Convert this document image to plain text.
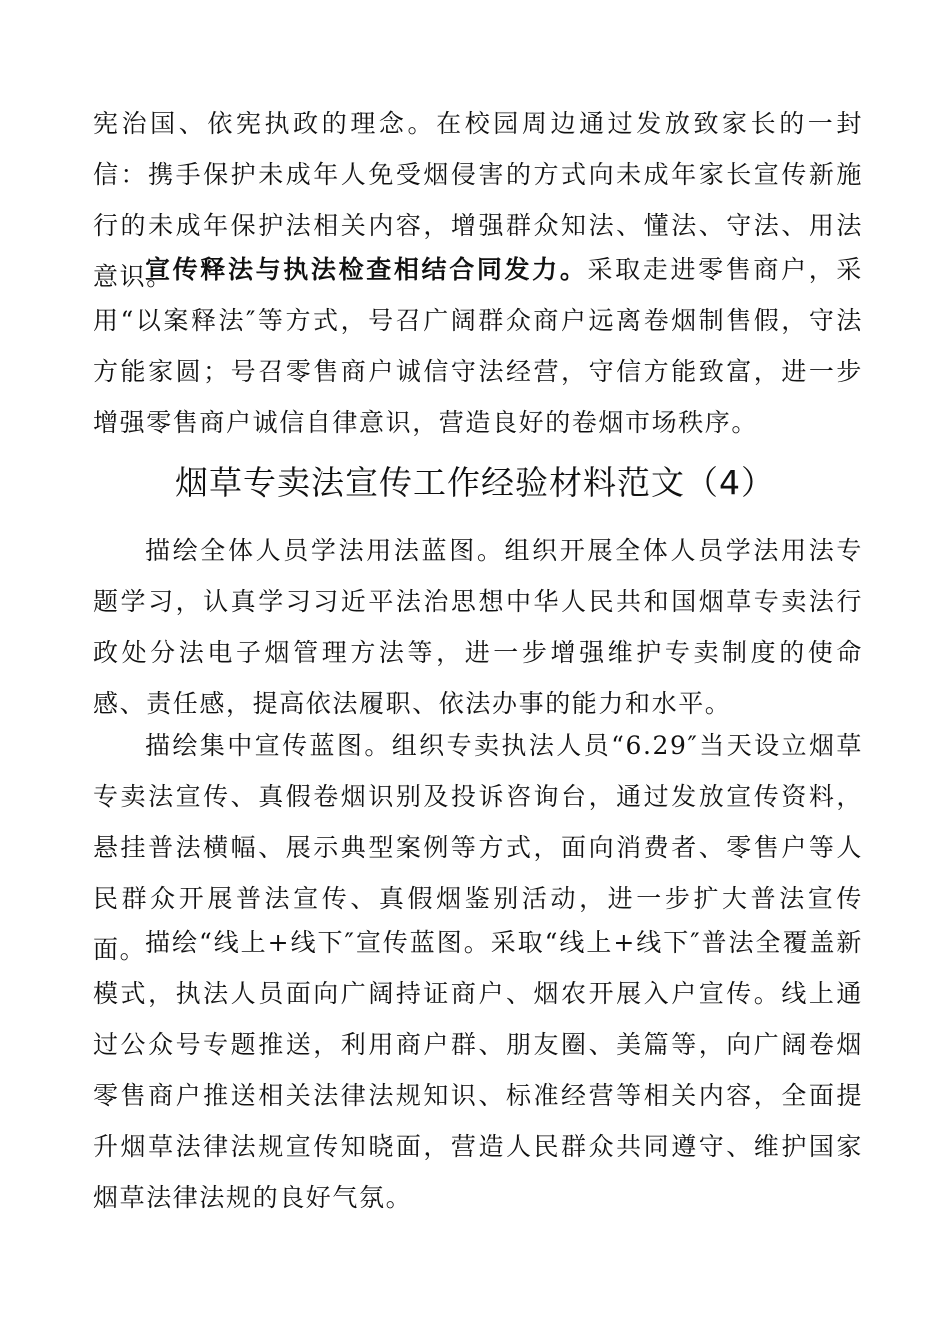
宪治国、依宪执政的理念。在校园周边通过发放致家长的一封信：携手保护未成年人免受烟侵害的方式向未成年家长宣传新施行的未成年保护法相关内容，增强群众知法、懂法、守法、用法意识。

宣传释法与执法检查相结合同发力。采取走进零售商户，采用“以案释法″等方式，号召广阔群众商户远离卷烟制售假，守法方能家圆；号召零售商户诚信守法经营，守信方能致富，进一步增强零售商户诚信自律意识，营造良好的卷烟市场秩序。

烟草专卖法宣传工作经验材料范文（4）

描绘全体人员学法用法蓝图。组织开展全体人员学法用法专题学习，认真学习习近平法治思想中华人民共和国烟草专卖法行政处分法电子烟管理方法等，进一步增强维护专卖制度的使命感、责任感，提高依法履职、依法办事的能力和水平。

描绘集中宣传蓝图。组织专卖执法人员“6.29″当天设立烟草专卖法宣传、真假卷烟识别及投诉咨询台，通过发放宣传资料，悬挂普法横幅、展示典型案例等方式，面向消费者、零售户等人民群众开展普法宣传、真假烟鉴别活动，进一步扩大普法宣传面。

描绘“线上+线下″宣传蓝图。采取“线上+线下″普法全覆盖新模式，执法人员面向广阔持证商户、烟农开展入户宣传。线上通过公众号专题推送，利用商户群、朋友圈、美篇等，向广阔卷烟零售商户推送相关法律法规知识、标准经营等相关内容，全面提升烟草法律法规宣传知晓面，营造人民群众共同遵守、维护国家烟草法律法规的良好气氛。
